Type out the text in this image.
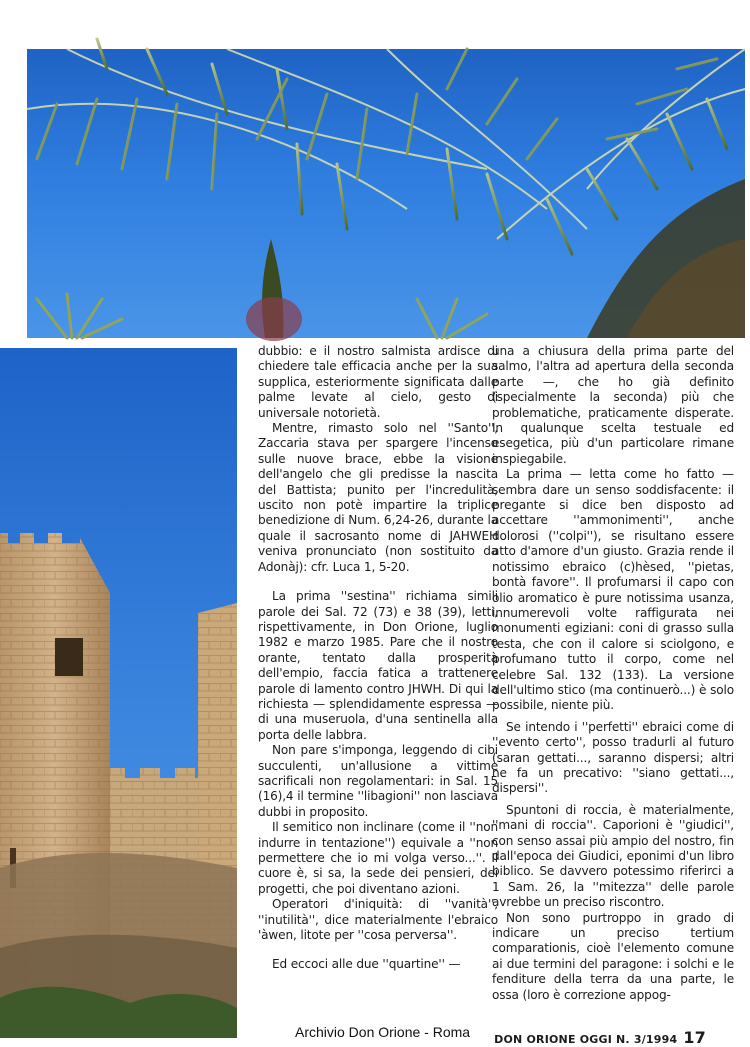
dubbio: e il nostro salmista ardisce di chiedere tale efficacia anche per la sua supplica, esteriormente significata dalle palme levate al cielo, gesto di universale notorietà.

Mentre, rimasto solo nel ''Santo'', Zaccaria stava per spargere l'incenso sulle nuove brace, ebbe la visione dell'angelo che gli predisse la nascita del Battista; punito per l'incredulità, uscito non potè impartire la triplice benedizione di Num. 6,24-26, durante la quale il sacrosanto nome di JAHWEH veniva pronunciato (non sostituito da Adonàj): cfr. Luca 1, 5-20.

La prima ''sestina'' richiama simili parole dei Sal. 72 (73) e 38 (39), letti, rispettivamente, in Don Orione, luglio 1982 e marzo 1985. Pare che il nostro orante, tentato dalla prosperità dell'empio, faccia fatica a trattenere parole di lamento contro JHWH. Di qui la richiesta — splendidamente espressa — di una museruola, d'una sentinella alla porta delle labbra.

Non pare s'imponga, leggendo di cibi succulenti, un'allusione a vittime sacrificali non regolamentari: in Sal. 15 (16),4 il termine ''libagioni'' non lasciava dubbi in proposito.

Il semitico non inclinare (come il ''non indurre in tentazione'') equivale a ''non permettere che io mi volga verso...''. Il cuore è, si sa, la sede dei pensieri, dei progetti, che poi diventano azioni.

Operatori d'iniquità: di ''vanità'', ''inutilità'', dice materialmente l'ebraico 'àwen, litote per ''cosa perversa''.

Ed eccoci alle due ''quartine'' —

una a chiusura della prima parte del salmo, l'altra ad apertura della seconda parte —, che ho già definito (specialmente la seconda) più che problematiche, praticamente disperate. In qualunque scelta testuale ed esegetica, più d'un particolare rimane inspiegabile.

La prima — letta come ho fatto — sembra dare un senso soddisfacente: il pregante si dice ben disposto ad accettare ''ammonimenti'', anche dolorosi (''colpi''), se risultano essere atto d'amore d'un giusto. Grazia rende il notissimo ebraico (c)hèsed, ''pietas, bontà favore''. Il profumarsi il capo con olio aromatico è pure notissima usanza, innumerevoli volte raffigurata nei monumenti egiziani: coni di grasso sulla testa, che con il calore si sciolgono, e profumano tutto il corpo, come nel celebre Sal. 132 (133). La versione dell'ultimo stico (ma continuerò...) è solo possibile, niente più.

Se intendo i ''perfetti'' ebraici come di ''evento certo'', posso tradurli al futuro (saran gettati..., saranno dispersi; altri ne fa un precativo: ''siano gettati..., dispersi''.

Spuntoni di roccia, è materialmente, ''mani di roccia''. Caporioni è ''giudici'', con senso assai più ampio del nostro, fin dall'epoca dei Giudici, eponimi d'un libro biblico. Se davvero potessimo riferirci a 1 Sam. 26, la ''mitezza'' delle parole avrebbe un preciso riscontro.

Non sono purtroppo in grado di indicare un preciso tertium comparationis, cioè l'elemento comune ai due termini del paragone: i solchi e le fenditure della terra da una parte, le ossa (loro è correzione appog-

DON ORIONE OGGI N. 3/1994 17
Archivio Don Orione - Roma
